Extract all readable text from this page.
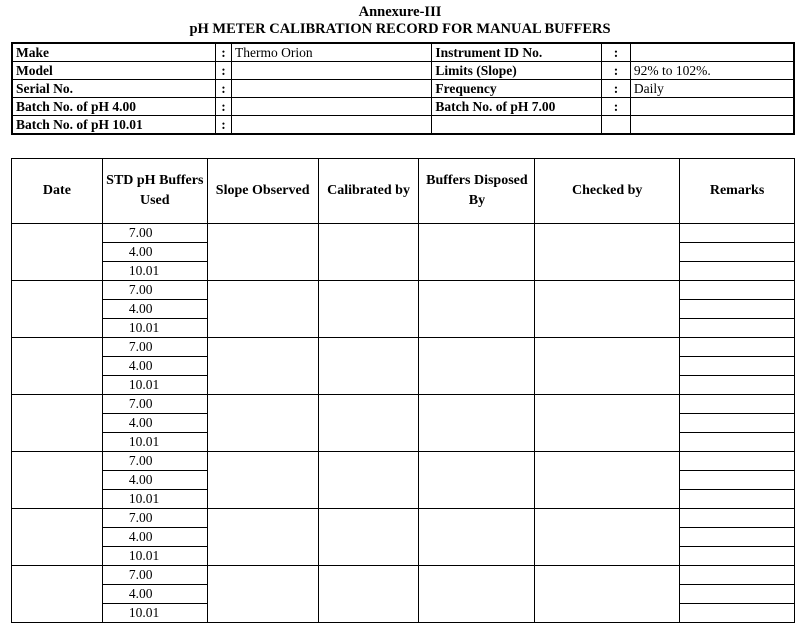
Annexure-III
pH METER CALIBRATION RECORD FOR MANUAL BUFFERS
Make	:	Thermo Orion	Instrument ID No.	:	
Model	:		Limits (Slope)	:	92% to 102%.
Serial No.	:		Frequency	:	Daily
Batch No. of pH 4.00	:		Batch No. of pH 7.00	:	
Batch No. of pH 10.01	:				
Date	STD pH Buffers Used	Slope Observed	Calibrated by	Buffers Disposed By	Checked by	Remarks
	7.00					
	4.00					
	10.01					
	7.00					
	4.00					
	10.01					
	7.00					
	4.00					
	10.01					
	7.00					
	4.00					
	10.01					
	7.00					
	4.00					
	10.01					
	7.00					
	4.00					
	10.01					
	7.00					
	4.00					
	10.01					
